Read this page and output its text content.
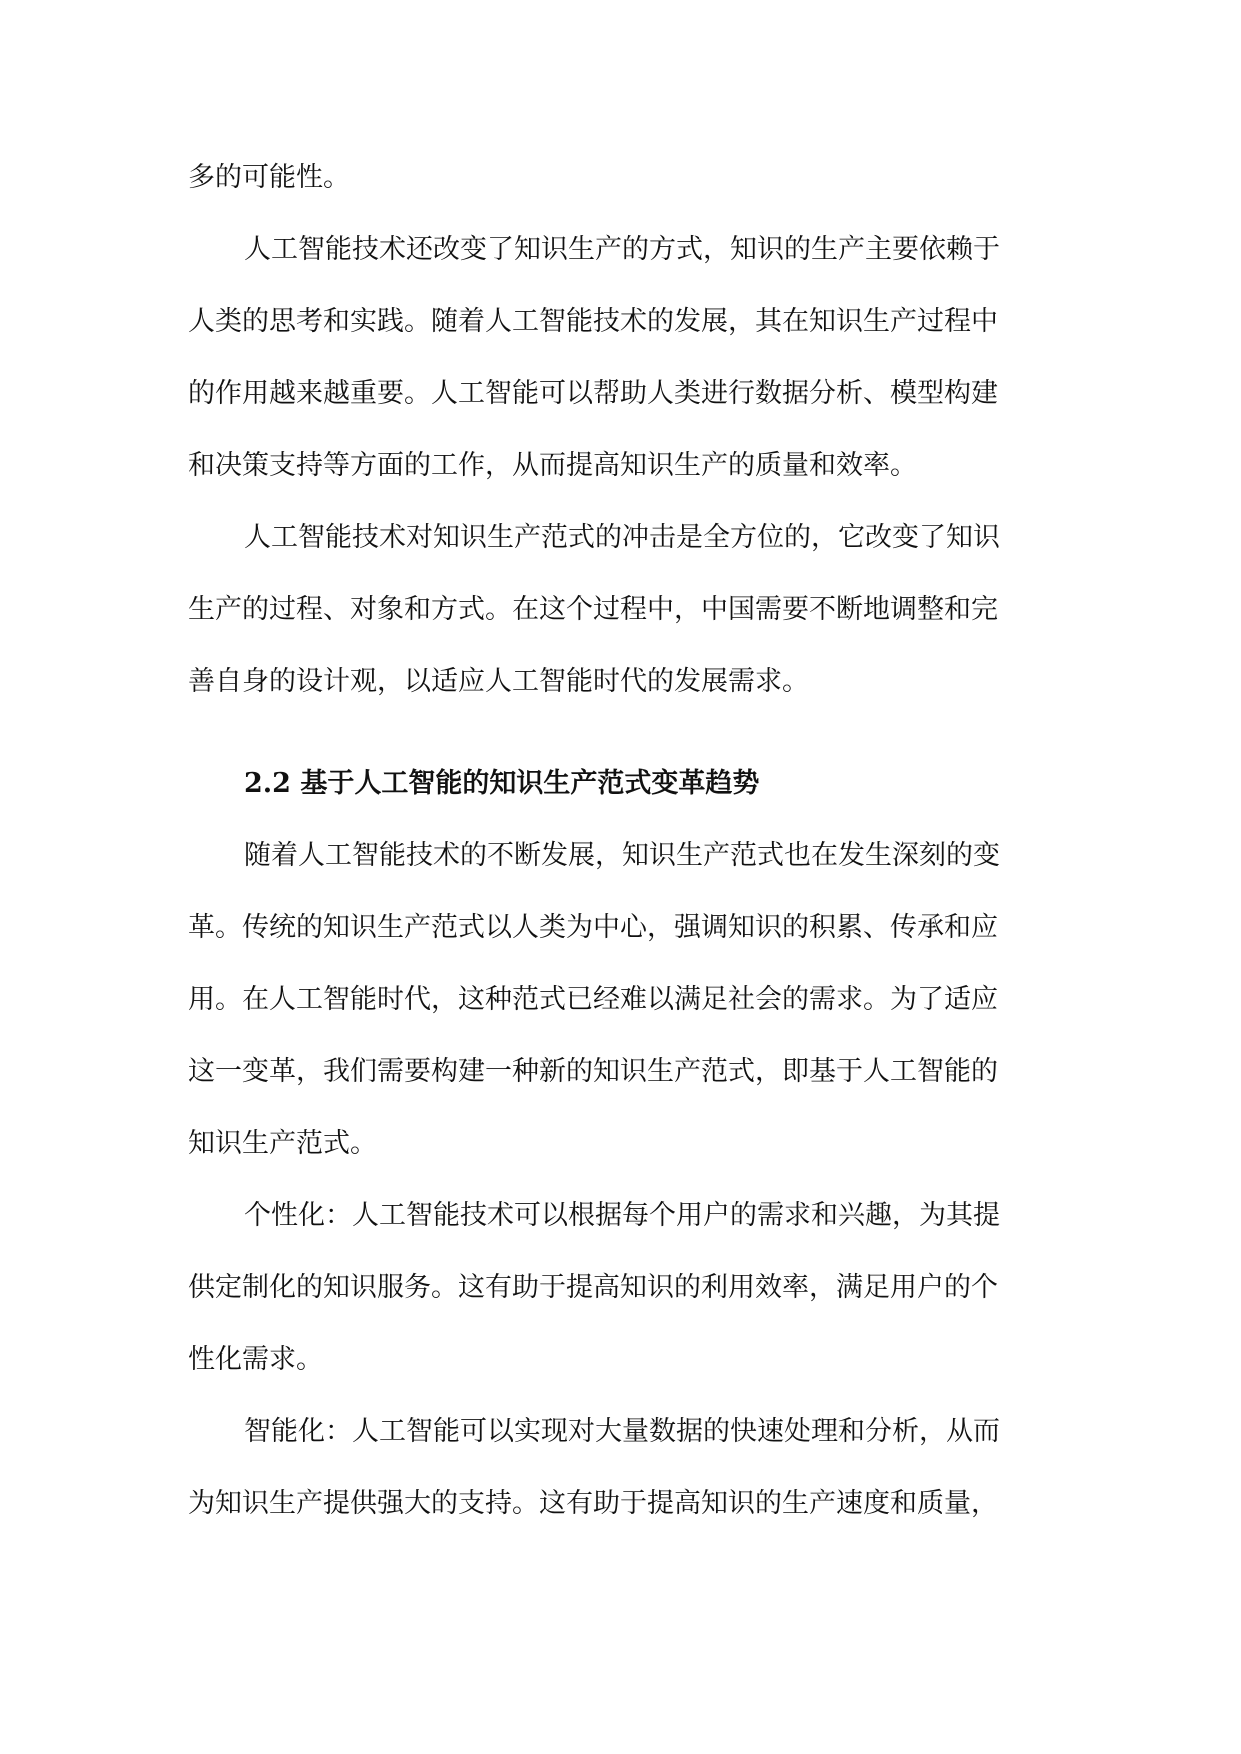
多的可能性。
人工智能技术还改变了知识生产的方式，知识的生产主要依赖于
人类的思考和实践。随着人工智能技术的发展，其在知识生产过程中
的作用越来越重要。人工智能可以帮助人类进行数据分析、模型构建
和决策支持等方面的工作，从而提高知识生产的质量和效率。
人工智能技术对知识生产范式的冲击是全方位的，它改变了知识
生产的过程、对象和方式。在这个过程中，中国需要不断地调整和完
善自身的设计观，以适应人工智能时代的发展需求。
2.2 基于人工智能的知识生产范式变革趋势
随着人工智能技术的不断发展，知识生产范式也在发生深刻的变
革。传统的知识生产范式以人类为中心，强调知识的积累、传承和应
用。在人工智能时代，这种范式已经难以满足社会的需求。为了适应
这一变革，我们需要构建一种新的知识生产范式，即基于人工智能的
知识生产范式。
个性化：人工智能技术可以根据每个用户的需求和兴趣，为其提
供定制化的知识服务。这有助于提高知识的利用效率，满足用户的个
性化需求。
智能化：人工智能可以实现对大量数据的快速处理和分析，从而
为知识生产提供强大的支持。这有助于提高知识的生产速度和质量，
